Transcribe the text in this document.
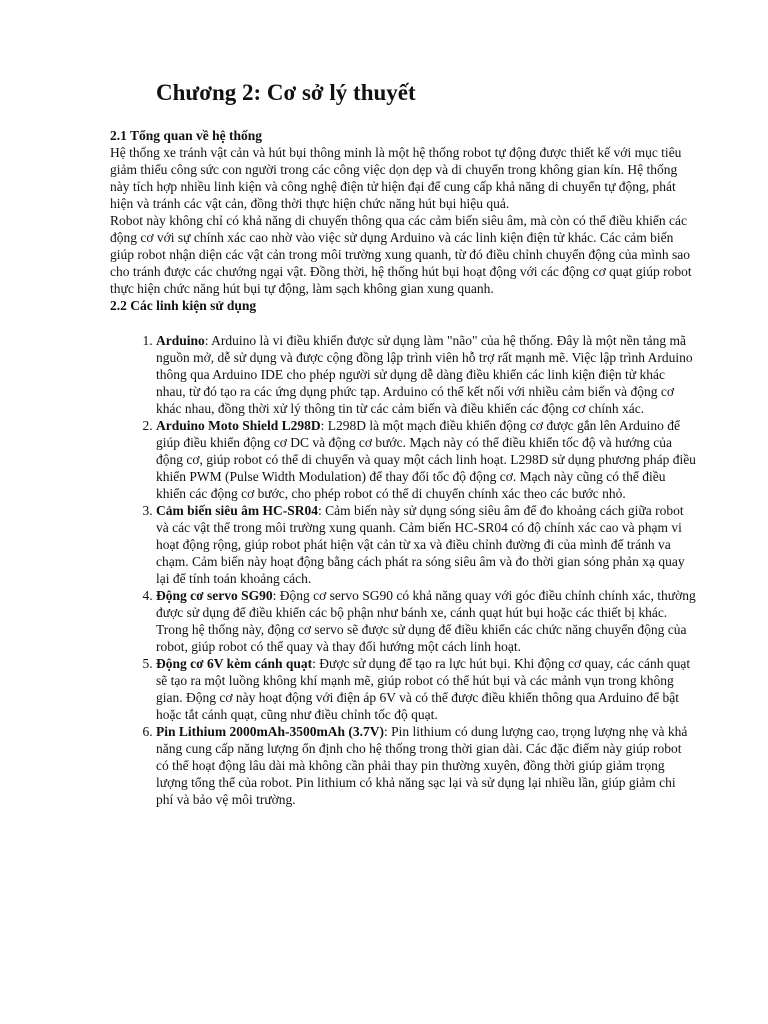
Chương 2: Cơ sở lý thuyết
2.1 Tổng quan về hệ thống

Hệ thống xe tránh vật cản và hút bụi thông minh là một hệ thống robot tự động được thiết kế với mục tiêu giảm thiểu công sức con người trong các công việc dọn dẹp và di chuyển trong không gian kín. Hệ thống này tích hợp nhiều linh kiện và công nghệ điện tử hiện đại để cung cấp khả năng di chuyển tự động, phát hiện và tránh các vật cản, đồng thời thực hiện chức năng hút bụi hiệu quả.

Robot này không chỉ có khả năng di chuyển thông qua các cảm biến siêu âm, mà còn có thể điều khiển các động cơ với sự chính xác cao nhờ vào việc sử dụng Arduino và các linh kiện điện tử khác. Các cảm biến giúp robot nhận diện các vật cản trong môi trường xung quanh, từ đó điều chỉnh chuyển động của mình sao cho tránh được các chướng ngại vật. Đồng thời, hệ thống hút bụi hoạt động với các động cơ quạt giúp robot thực hiện chức năng hút bụi tự động, làm sạch không gian xung quanh.

2.2 Các linh kiện sử dụng
1. Arduino: Arduino là vi điều khiển được sử dụng làm "não" của hệ thống. Đây là một nền tảng mã nguồn mở, dễ sử dụng và được cộng đồng lập trình viên hỗ trợ rất mạnh mẽ. Việc lập trình Arduino thông qua Arduino IDE cho phép người sử dụng dễ dàng điều khiển các linh kiện điện tử khác nhau, từ đó tạo ra các ứng dụng phức tạp. Arduino có thể kết nối với nhiều cảm biến và động cơ khác nhau, đồng thời xử lý thông tin từ các cảm biến và điều khiển các động cơ chính xác.
2. Arduino Moto Shield L298D: L298D là một mạch điều khiển động cơ được gắn lên Arduino để giúp điều khiển động cơ DC và động cơ bước. Mạch này có thể điều khiển tốc độ và hướng của động cơ, giúp robot có thể di chuyển và quay một cách linh hoạt. L298D sử dụng phương pháp điều khiển PWM (Pulse Width Modulation) để thay đổi tốc độ động cơ. Mạch này cũng có thể điều khiển các động cơ bước, cho phép robot có thể di chuyển chính xác theo các bước nhỏ.
3. Cảm biến siêu âm HC-SR04: Cảm biến này sử dụng sóng siêu âm để đo khoảng cách giữa robot và các vật thể trong môi trường xung quanh. Cảm biến HC-SR04 có độ chính xác cao và phạm vi hoạt động rộng, giúp robot phát hiện vật cản từ xa và điều chỉnh đường đi của mình để tránh va chạm. Cảm biến này hoạt động bằng cách phát ra sóng siêu âm và đo thời gian sóng phản xạ quay lại để tính toán khoảng cách.
4. Động cơ servo SG90: Động cơ servo SG90 có khả năng quay với góc điều chỉnh chính xác, thường được sử dụng để điều khiển các bộ phận như bánh xe, cánh quạt hút bụi hoặc các thiết bị khác. Trong hệ thống này, động cơ servo sẽ được sử dụng để điều khiển các chức năng chuyển động của robot, giúp robot có thể quay và thay đổi hướng một cách linh hoạt.
5. Động cơ 6V kèm cánh quạt: Được sử dụng để tạo ra lực hút bụi. Khi động cơ quay, các cánh quạt sẽ tạo ra một luồng không khí mạnh mẽ, giúp robot có thể hút bụi và các mảnh vụn trong không gian. Động cơ này hoạt động với điện áp 6V và có thể được điều khiển thông qua Arduino để bật hoặc tắt cánh quạt, cũng như điều chỉnh tốc độ quạt.
6. Pin Lithium 2000mAh-3500mAh (3.7V): Pin lithium có dung lượng cao, trọng lượng nhẹ và khả năng cung cấp năng lượng ổn định cho hệ thống trong thời gian dài. Các đặc điểm này giúp robot có thể hoạt động lâu dài mà không cần phải thay pin thường xuyên, đồng thời giúp giảm trọng lượng tổng thể của robot. Pin lithium có khả năng sạc lại và sử dụng lại nhiều lần, giúp giảm chi phí và bảo vệ môi trường.
